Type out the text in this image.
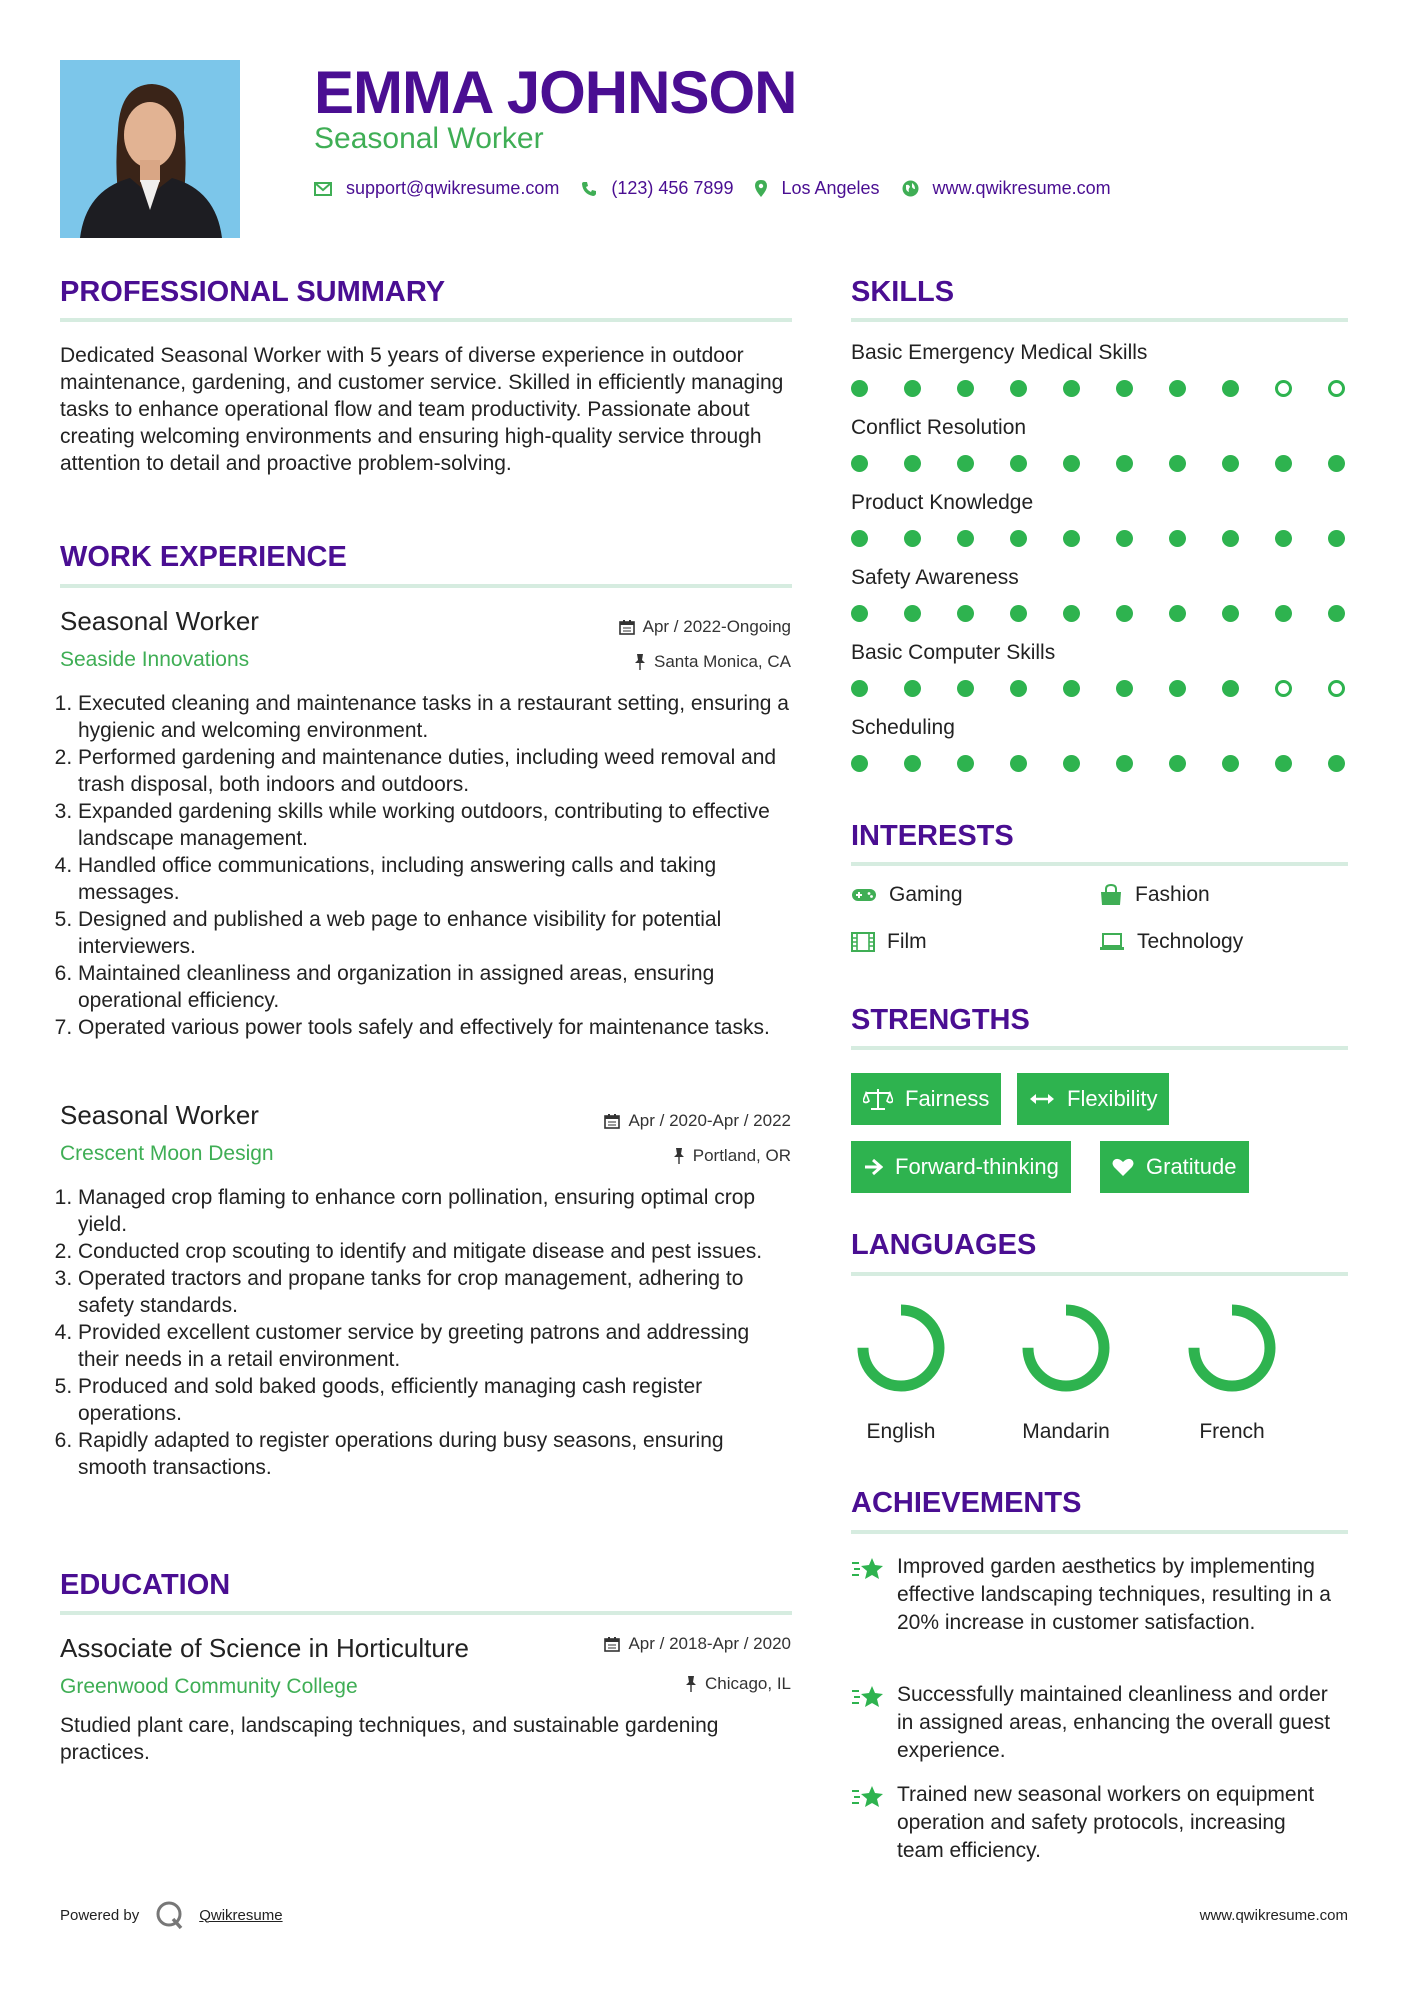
EMMA JOHNSON
Seasonal Worker
support@qwikresume.com	(123) 456 7899	Los Angeles	www.qwikresume.com
PROFESSIONAL SUMMARY
Dedicated Seasonal Worker with 5 years of diverse experience in outdoor maintenance, gardening, and customer service. Skilled in efficiently managing tasks to enhance operational flow and team productivity. Passionate about creating welcoming environments and ensuring high-quality service through attention to detail and proactive problem-solving.
WORK EXPERIENCE
Seasonal Worker	Apr / 2022-Ongoing
Seaside Innovations	Santa Monica, CA
1. Executed cleaning and maintenance tasks in a restaurant setting, ensuring a hygienic and welcoming environment.
2. Performed gardening and maintenance duties, including weed removal and trash disposal, both indoors and outdoors.
3. Expanded gardening skills while working outdoors, contributing to effective landscape management.
4. Handled office communications, including answering calls and taking messages.
5. Designed and published a web page to enhance visibility for potential interviewers.
6. Maintained cleanliness and organization in assigned areas, ensuring operational efficiency.
7. Operated various power tools safely and effectively for maintenance tasks.
Seasonal Worker	Apr / 2020-Apr / 2022
Crescent Moon Design	Portland, OR
1. Managed crop flaming to enhance corn pollination, ensuring optimal crop yield.
2. Conducted crop scouting to identify and mitigate disease and pest issues.
3. Operated tractors and propane tanks for crop management, adhering to safety standards.
4. Provided excellent customer service by greeting patrons and addressing their needs in a retail environment.
5. Produced and sold baked goods, efficiently managing cash register operations.
6. Rapidly adapted to register operations during busy seasons, ensuring smooth transactions.
EDUCATION
Associate of Science in Horticulture	Apr / 2018-Apr / 2020
Greenwood Community College	Chicago, IL
Studied plant care, landscaping techniques, and sustainable gardening practices.
SKILLS
Basic Emergency Medical Skills
Conflict Resolution
Product Knowledge
Safety Awareness
Basic Computer Skills
Scheduling
INTERESTS
Gaming	Fashion
Film	Technology
STRENGTHS
Fairness	Flexibility
Forward-thinking	Gratitude
LANGUAGES
English	Mandarin	French
ACHIEVEMENTS
Improved garden aesthetics by implementing effective landscaping techniques, resulting in a 20% increase in customer satisfaction.
Successfully maintained cleanliness and order in assigned areas, enhancing the overall guest experience.
Trained new seasonal workers on equipment operation and safety protocols, increasing team efficiency.
Powered by	Qwikresume	www.qwikresume.com
